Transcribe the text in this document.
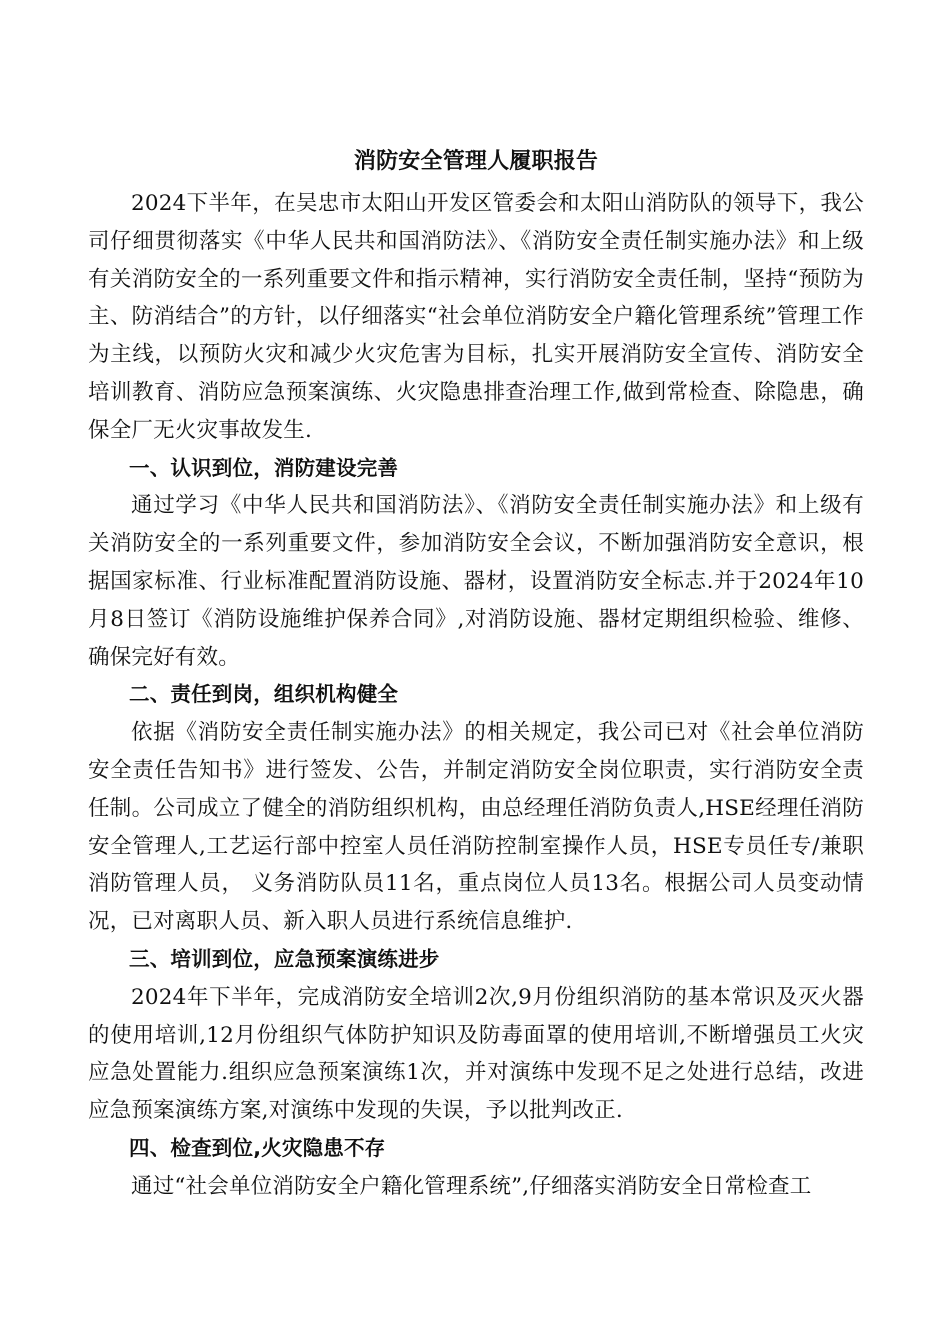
消防安全管理人履职报告

2024下半年，在吴忠市太阳山开发区管委会和太阳山消防队的领导下，我公司仔细贯彻落实《中华人民共和国消防法》、《消防安全责任制实施办法》和上级有关消防安全的一系列重要文件和指示精神，实行消防安全责任制，坚持“预防为主、防消结合”的方针，以仔细落实“社会单位消防安全户籍化管理系统”管理工作为主线，以预防火灾和减少火灾危害为目标，扎实开展消防安全宣传、消防安全培训教育、消防应急预案演练、火灾隐患排查治理工作,做到常检查、除隐患，确保全厂无火灾事故发生.

一、认识到位，消防建设完善

通过学习《中华人民共和国消防法》、《消防安全责任制实施办法》和上级有关消防安全的一系列重要文件，参加消防安全会议，不断加强消防安全意识，根据国家标准、行业标准配置消防设施、器材，设置消防安全标志.并于2024年10月8日签订《消防设施维护保养合同》,对消防设施、器材定期组织检验、维修、确保完好有效。

二、责任到岗，组织机构健全

依据《消防安全责任制实施办法》的相关规定，我公司已对《社会单位消防安全责任告知书》进行签发、公告，并制定消防安全岗位职责，实行消防安全责任制。公司成立了健全的消防组织机构，由总经理任消防负责人,HSE经理任消防安全管理人,工艺运行部中控室人员任消防控制室操作人员，HSE专员任专/兼职消防管理人员， 义务消防队员11名，重点岗位人员13名。根据公司人员变动情况，已对离职人员、新入职人员进行系统信息维护.

三、培训到位，应急预案演练进步

2024年下半年，完成消防安全培训2次,9月份组织消防的基本常识及灭火器的使用培训,12月份组织气体防护知识及防毒面罩的使用培训,不断增强员工火灾应急处置能力.组织应急预案演练1次，并对演练中发现不足之处进行总结，改进应急预案演练方案,对演练中发现的失误，予以批判改正.

四、检查到位,火灾隐患不存

通过“社会单位消防安全户籍化管理系统”,仔细落实消防安全日常检查工
